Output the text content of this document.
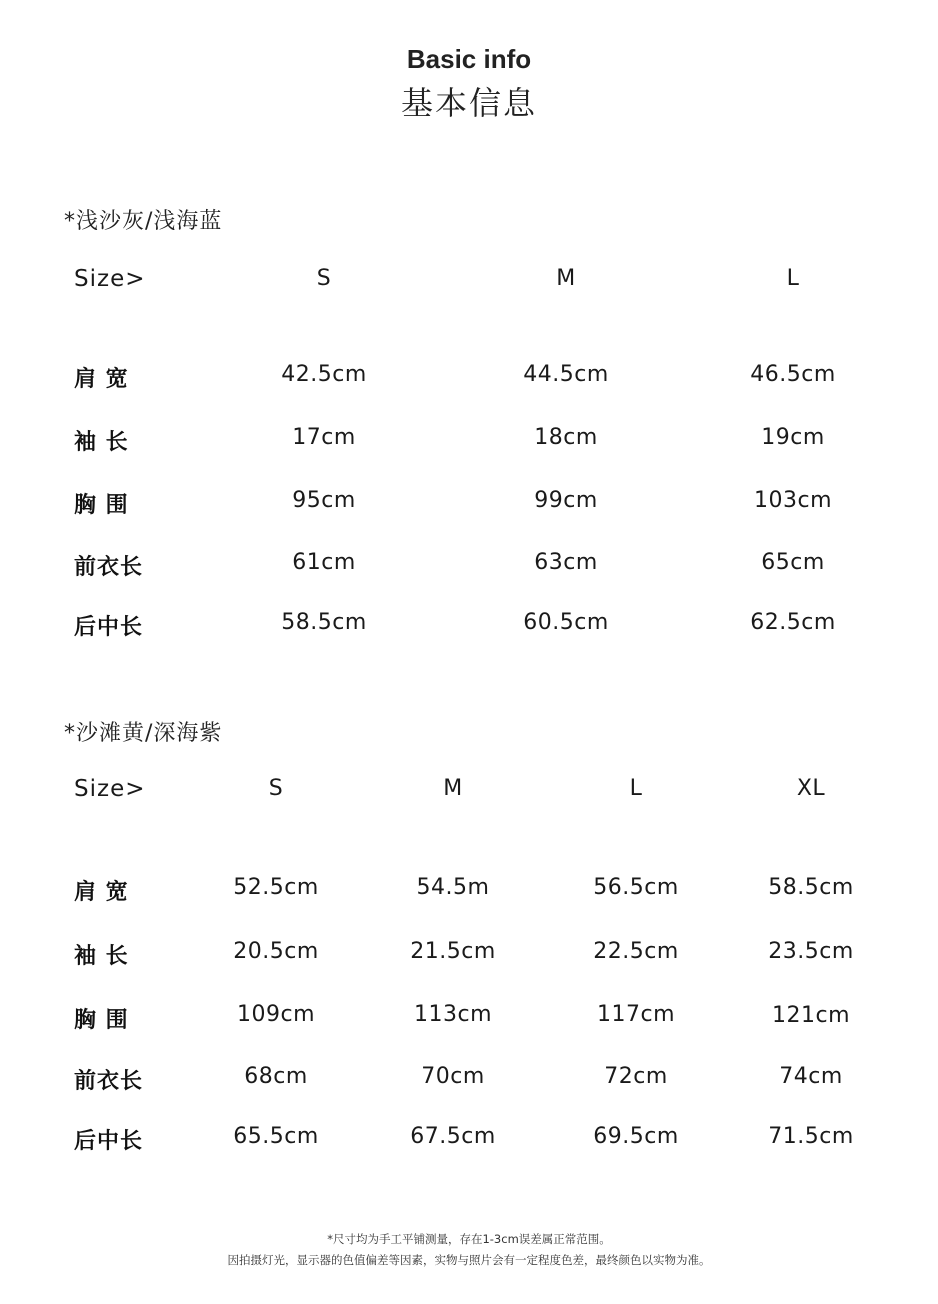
Basic info
基本信息
*浅沙灰/浅海蓝
Size>	S	M	L
肩 宽	42.5cm	44.5cm	46.5cm
袖 长	17cm	18cm	19cm
胸 围	95cm	99cm	103cm
前衣长	61cm	63cm	65cm
后中长	58.5cm	60.5cm	62.5cm
*沙滩黄/深海紫
Size>	S	M	L	XL
肩 宽	52.5cm	54.5m	56.5cm	58.5cm
袖 长	20.5cm	21.5cm	22.5cm	23.5cm
胸 围	109cm	113cm	117cm	121cm
前衣长	68cm	70cm	72cm	74cm
后中长	65.5cm	67.5cm	69.5cm	71.5cm
*尺寸均为手工平铺测量，存在1-3cm误差属正常范围。
因拍摄灯光，显示器的色值偏差等因素，实物与照片会有一定程度色差，最终颜色以实物为准。
